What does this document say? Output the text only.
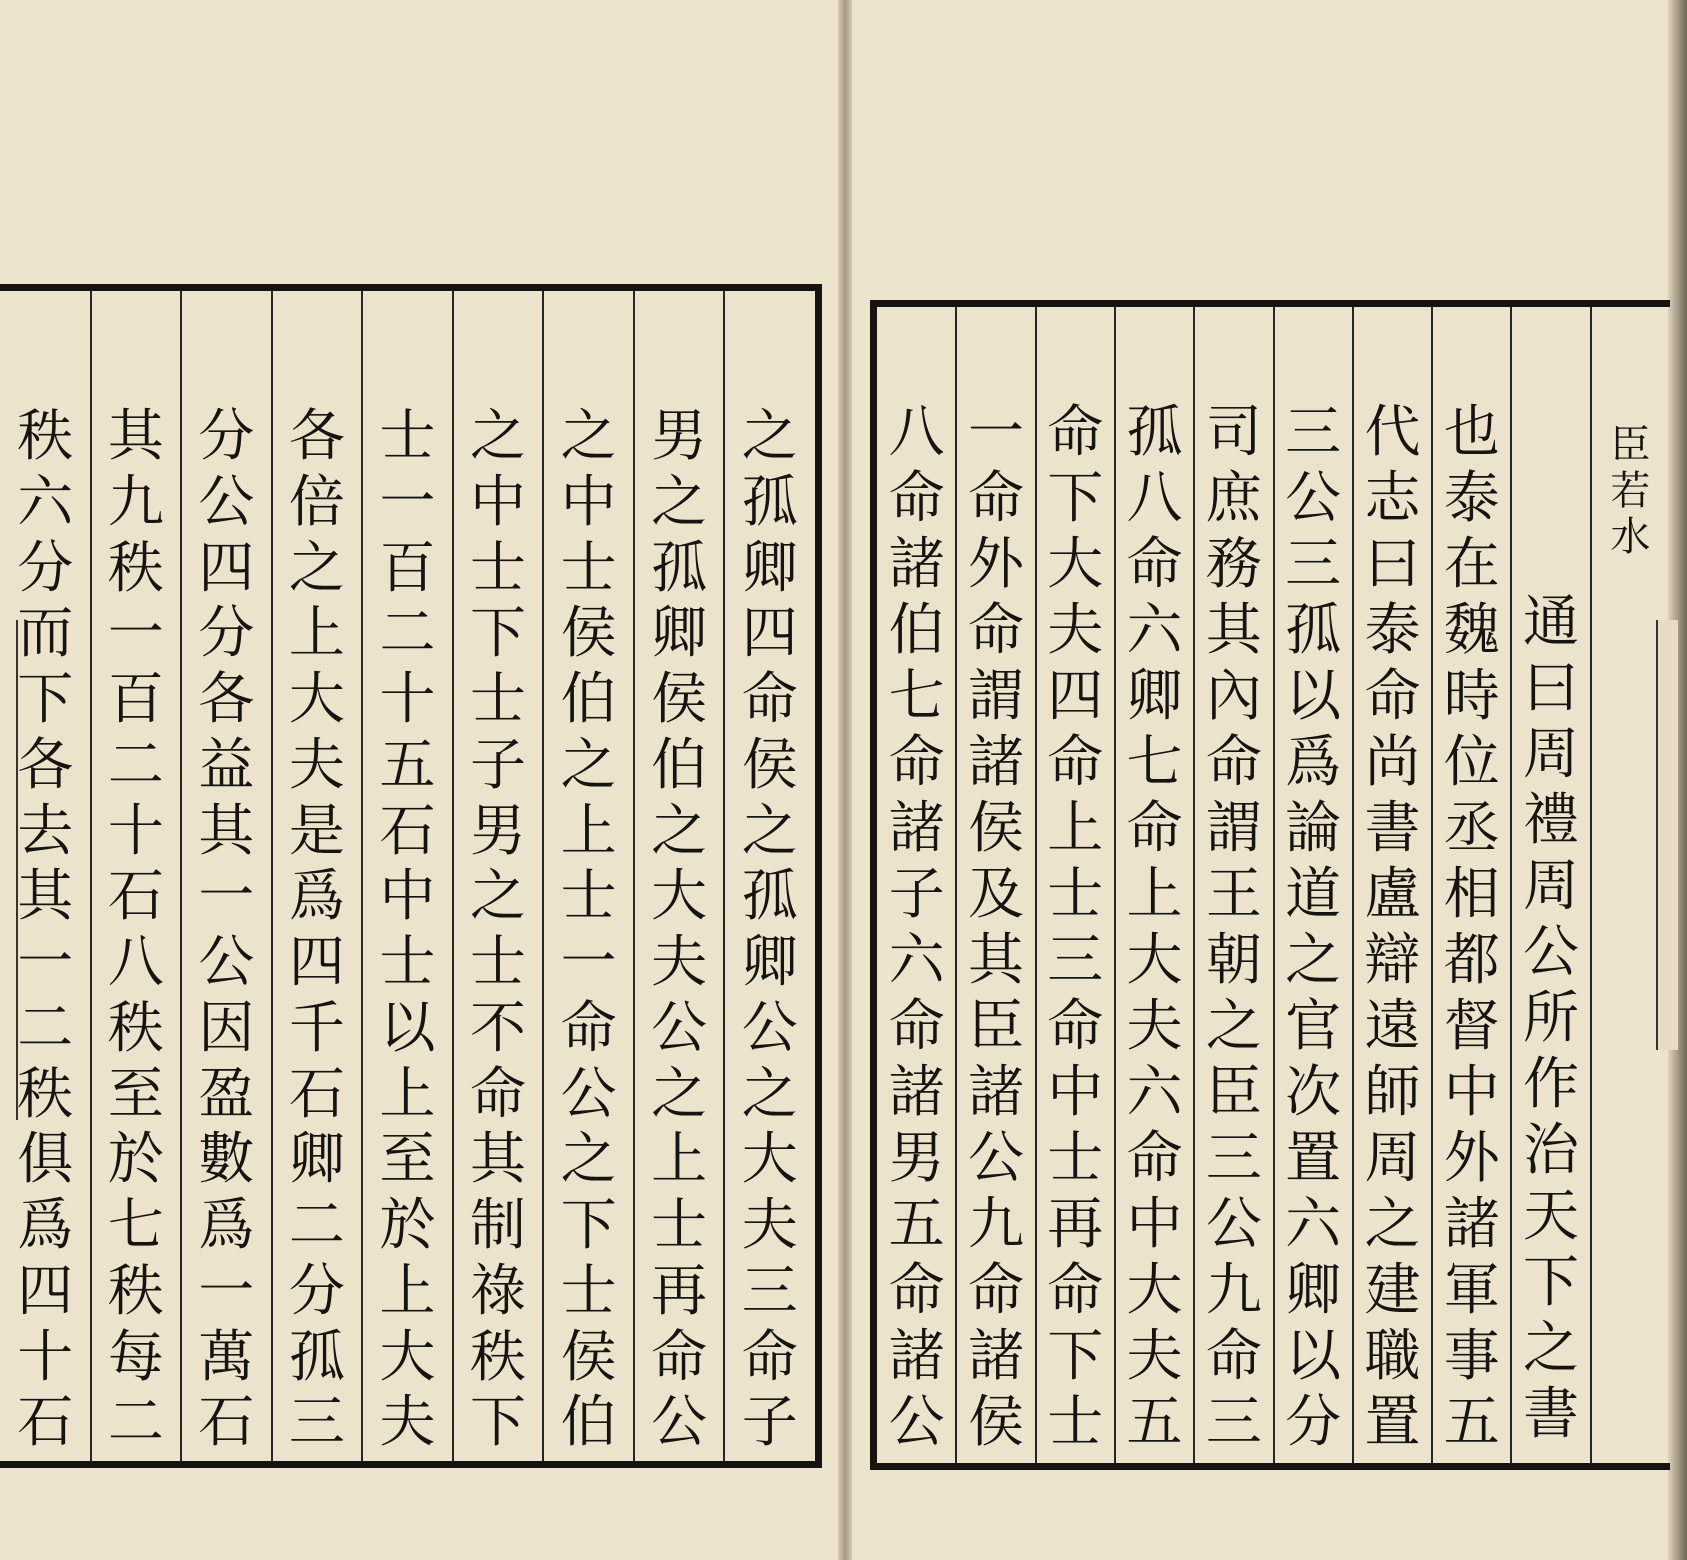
之
孤
卿
四
命
侯
之
孤
卿
公
之
大
夫
三
命
子
男
之
孤
卿
侯
伯
之
大
夫
公
之
上
士
再
命
公
之
中
士
侯
伯
之
上
士
一
命
公
之
下
士
侯
伯
之
中
士
下
士
子
男
之
士
不
命
其
制
祿
秩
下
士
一
百
二
十
五
石
中
士
以
上
至
於
上
大
夫
各
倍
之
上
大
夫
是
爲
四
千
石
卿
二
分
孤
三
分
公
四
分
各
益
其
一
公
因
盈
數
爲
一
萬
石
其
九
秩
一
百
二
十
石
八
秩
至
於
七
秩
每
二
秩
六
分
而
下
各
去
其
一
二
秩
俱
爲
四
十
石
臣
若
水
通
曰
周
禮
周
公
所
作
治
天
下
之
書
也
泰
在
魏
時
位
丞
相
都
督
中
外
諸
軍
事
五
代
志
曰
泰
命
尚
書
盧
辯
遠
師
周
之
建
職
置
三
公
三
孤
以
爲
論
道
之
官
次
置
六
卿
以
分
司
庶
務
其
內
命
謂
王
朝
之
臣
三
公
九
命
三
孤
八
命
六
卿
七
命
上
大
夫
六
命
中
大
夫
五
命
下
大
夫
四
命
上
士
三
命
中
士
再
命
下
士
一
命
外
命
謂
諸
侯
及
其
臣
諸
公
九
命
諸
侯
八
命
諸
伯
七
命
諸
子
六
命
諸
男
五
命
諸
公
